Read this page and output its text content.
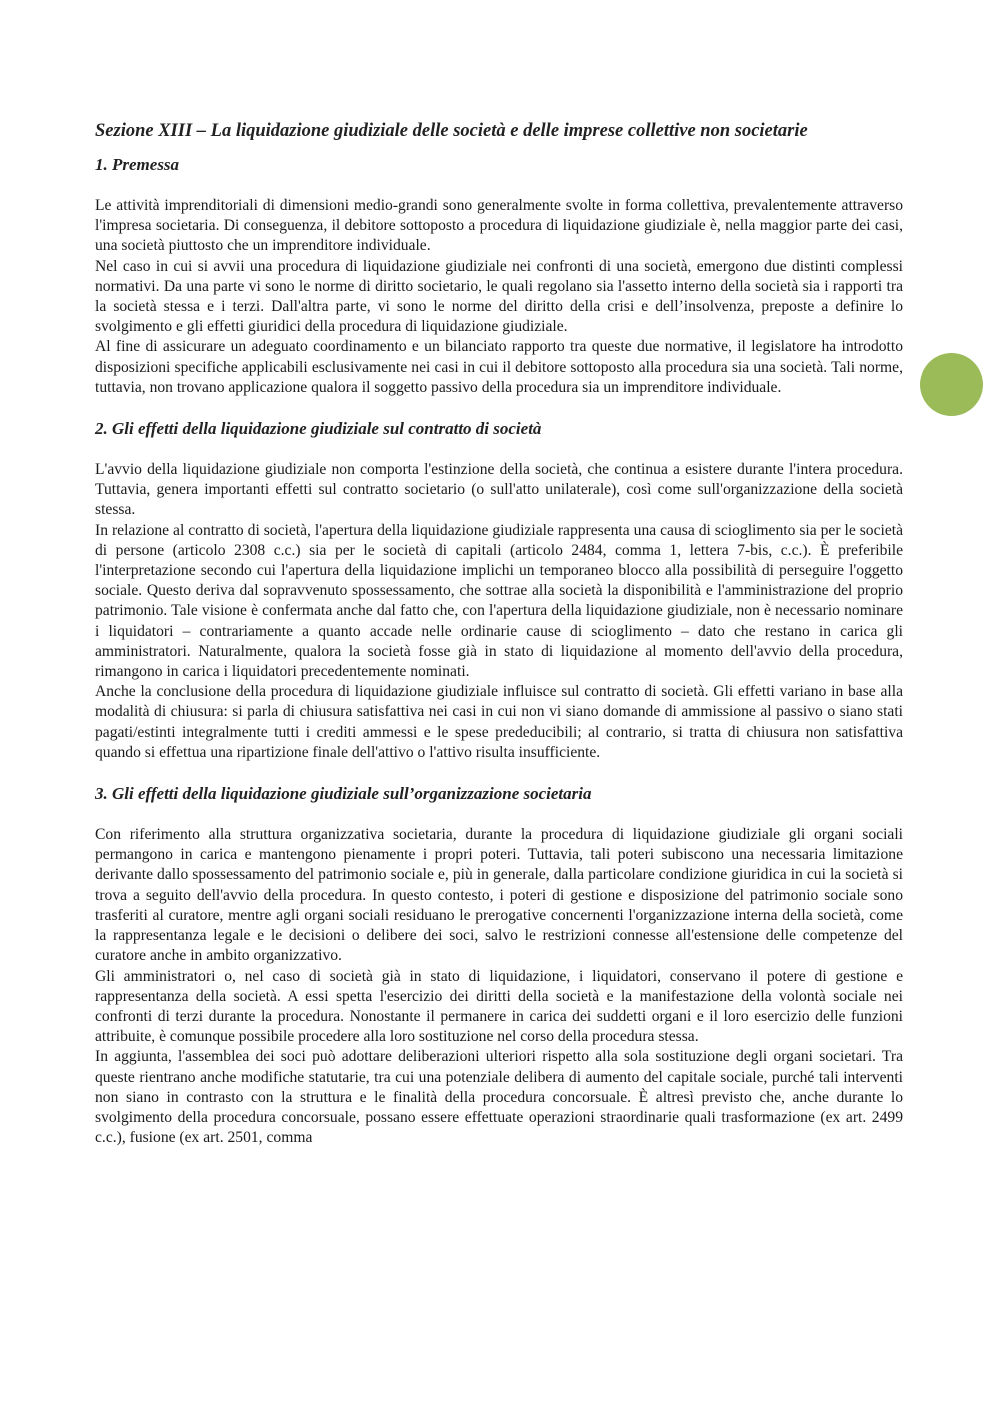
Sezione XIII – La liquidazione giudiziale delle società e delle imprese collettive non societarie
1. Premessa

Le attività imprenditoriali di dimensioni medio-grandi sono generalmente svolte in forma collettiva, prevalentemente attraverso l'impresa societaria. Di conseguenza, il debitore sottoposto a procedura di liquidazione giudiziale è, nella maggior parte dei casi, una società piuttosto che un imprenditore individuale.

Nel caso in cui si avvii una procedura di liquidazione giudiziale nei confronti di una società, emergono due distinti complessi normativi. Da una parte vi sono le norme di diritto societario, le quali regolano sia l'assetto interno della società sia i rapporti tra la società stessa e i terzi. Dall'altra parte, vi sono le norme del diritto della crisi e dell’insolvenza, preposte a definire lo svolgimento e gli effetti giuridici della procedura di liquidazione giudiziale.

Al fine di assicurare un adeguato coordinamento e un bilanciato rapporto tra queste due normative, il legislatore ha introdotto disposizioni specifiche applicabili esclusivamente nei casi in cui il debitore sottoposto alla procedura sia una società. Tali norme, tuttavia, non trovano applicazione qualora il soggetto passivo della procedura sia un imprenditore individuale.

2. Gli effetti della liquidazione giudiziale sul contratto di società

L'avvio della liquidazione giudiziale non comporta l'estinzione della società, che continua a esistere durante l'intera procedura. Tuttavia, genera importanti effetti sul contratto societario (o sull'atto unilaterale), così come sull'organizzazione della società stessa.

In relazione al contratto di società, l'apertura della liquidazione giudiziale rappresenta una causa di scioglimento sia per le società di persone (articolo 2308 c.c.) sia per le società di capitali (articolo 2484, comma 1, lettera 7-bis, c.c.). È preferibile l'interpretazione secondo cui l'apertura della liquidazione implichi un temporaneo blocco alla possibilità di perseguire l'oggetto sociale. Questo deriva dal sopravvenuto spossessamento, che sottrae alla società la disponibilità e l'amministrazione del proprio patrimonio. Tale visione è confermata anche dal fatto che, con l'apertura della liquidazione giudiziale, non è necessario nominare i liquidatori – contrariamente a quanto accade nelle ordinarie cause di scioglimento – dato che restano in carica gli amministratori. Naturalmente, qualora la società fosse già in stato di liquidazione al momento dell'avvio della procedura, rimangono in carica i liquidatori precedentemente nominati.

Anche la conclusione della procedura di liquidazione giudiziale influisce sul contratto di società. Gli effetti variano in base alla modalità di chiusura: si parla di chiusura satisfattiva nei casi in cui non vi siano domande di ammissione al passivo o siano stati pagati/estinti integralmente tutti i crediti ammessi e le spese prededucibili; al contrario, si tratta di chiusura non satisfattiva quando si effettua una ripartizione finale dell'attivo o l'attivo risulta insufficiente.

3. Gli effetti della liquidazione giudiziale sull’organizzazione societaria

Con riferimento alla struttura organizzativa societaria, durante la procedura di liquidazione giudiziale gli organi sociali permangono in carica e mantengono pienamente i propri poteri. Tuttavia, tali poteri subiscono una necessaria limitazione derivante dallo spossessamento del patrimonio sociale e, più in generale, dalla particolare condizione giuridica in cui la società si trova a seguito dell'avvio della procedura. In questo contesto, i poteri di gestione e disposizione del patrimonio sociale sono trasferiti al curatore, mentre agli organi sociali residuano le prerogative concernenti l'organizzazione interna della società, come la rappresentanza legale e le decisioni o delibere dei soci, salvo le restrizioni connesse all'estensione delle competenze del curatore anche in ambito organizzativo.

Gli amministratori o, nel caso di società già in stato di liquidazione, i liquidatori, conservano il potere di gestione e rappresentanza della società. A essi spetta l'esercizio dei diritti della società e la manifestazione della volontà sociale nei confronti di terzi durante la procedura. Nonostante il permanere in carica dei suddetti organi e il loro esercizio delle funzioni attribuite, è comunque possibile procedere alla loro sostituzione nel corso della procedura stessa.

In aggiunta, l'assemblea dei soci può adottare deliberazioni ulteriori rispetto alla sola sostituzione degli organi societari. Tra queste rientrano anche modifiche statutarie, tra cui una potenziale delibera di aumento del capitale sociale, purché tali interventi non siano in contrasto con la struttura e le finalità della procedura concorsuale. È altresì previsto che, anche durante lo svolgimento della procedura concorsuale, possano essere effettuate operazioni straordinarie quali trasformazione (ex art. 2499 c.c.), fusione (ex art. 2501, comma
